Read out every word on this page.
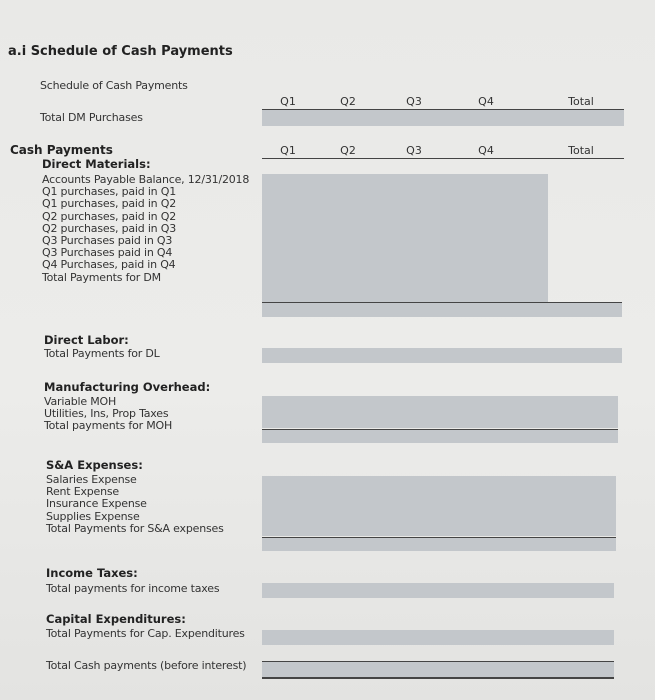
a.i Schedule of Cash Payments
Schedule of Cash Payments
Q1	Q2	Q3	Q4	Total
Total DM Purchases
Cash Payments	Q1	Q2	Q3	Q4	Total
Direct Materials:
Accounts Payable Balance, 12/31/2018
Q1 purchases, paid in Q1
Q1 purchases, paid in Q2
Q2 purchases, paid in Q2
Q2 purchases, paid in Q3
Q3 Purchases paid in Q3
Q3 Purchases paid in Q4
Q4 Purchases, paid in Q4
Total Payments for DM
Direct Labor:
Total Payments for DL
Manufacturing Overhead:
Variable MOH
Utilities, Ins, Prop Taxes
Total payments for MOH
S&A Expenses:
Salaries Expense
Rent Expense
Insurance Expense
Supplies Expense
Total Payments for S&A expenses
Income Taxes:
Total payments for income taxes
Capital Expenditures:
Total Payments for Cap. Expenditures
Total Cash payments (before interest)
